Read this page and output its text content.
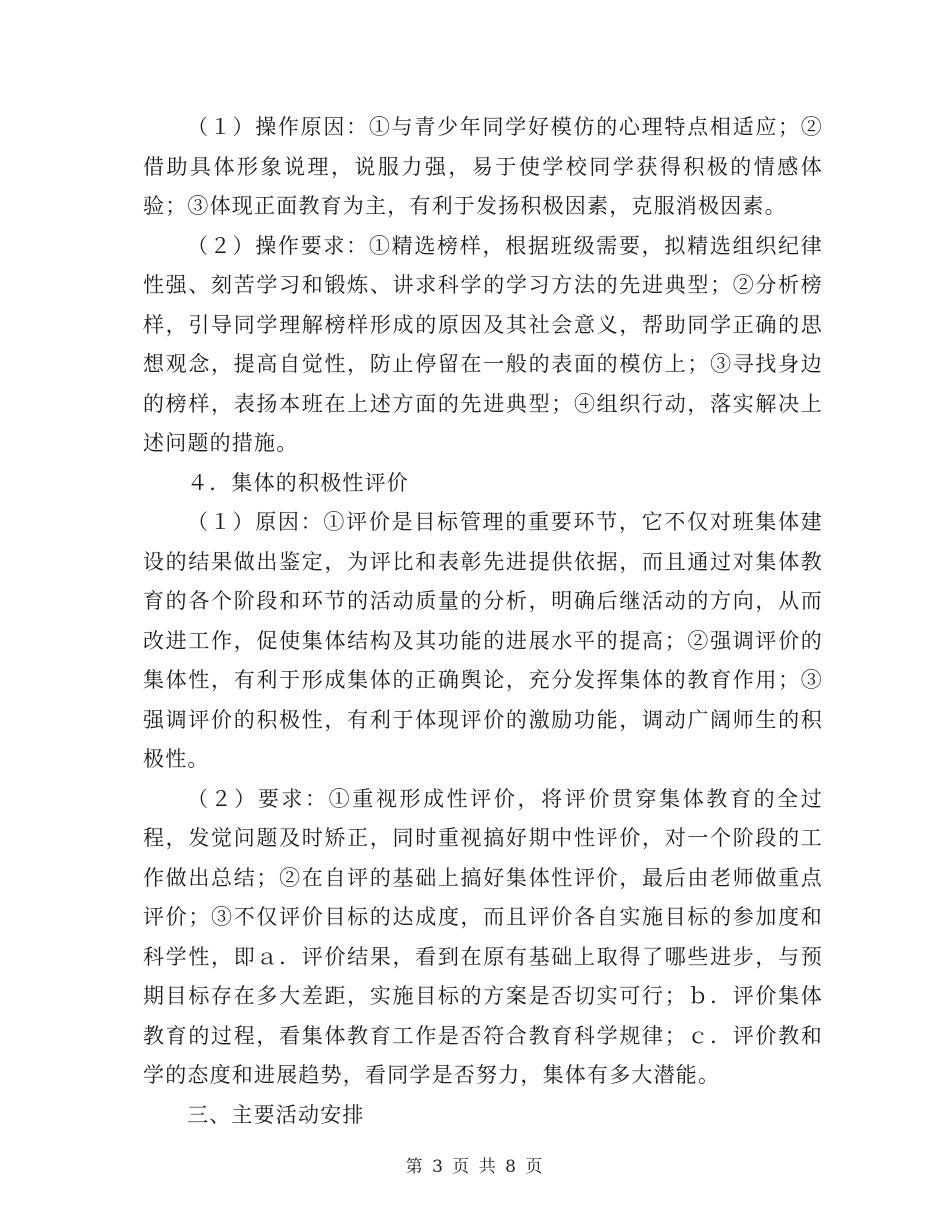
（１）操作原因：①与青少年同学好模仿的心理特点相适应；②借助具体形象说理，说服力强，易于使学校同学获得积极的情感体验；③体现正面教育为主，有利于发扬积极因素，克服消极因素。

（２）操作要求：①精选榜样，根据班级需要，拟精选组织纪律性强、刻苦学习和锻炼、讲求科学的学习方法的先进典型；②分析榜样，引导同学理解榜样形成的原因及其社会意义，帮助同学正确的思想观念，提高自觉性，防止停留在一般的表面的模仿上；③寻找身边的榜样，表扬本班在上述方面的先进典型；④组织行动，落实解决上述问题的措施。

４．集体的积极性评价

（１）原因：①评价是目标管理的重要环节，它不仅对班集体建设的结果做出鉴定，为评比和表彰先进提供依据，而且通过对集体教育的各个阶段和环节的活动质量的分析，明确后继活动的方向，从而改进工作，促使集体结构及其功能的进展水平的提高；②强调评价的集体性，有利于形成集体的正确舆论，充分发挥集体的教育作用；③强调评价的积极性，有利于体现评价的激励功能，调动广阔师生的积极性。

（２）要求：①重视形成性评价，将评价贯穿集体教育的全过程，发觉问题及时矫正，同时重视搞好期中性评价，对一个阶段的工作做出总结；②在自评的基础上搞好集体性评价，最后由老师做重点评价；③不仅评价目标的达成度，而且评价各自实施目标的参加度和科学性，即ａ．评价结果，看到在原有基础上取得了哪些进步，与预期目标存在多大差距，实施目标的方案是否切实可行；ｂ．评价集体教育的过程，看集体教育工作是否符合教育科学规律；ｃ．评价教和学的态度和进展趋势，看同学是否努力，集体有多大潜能。

三、主要活动安排

第 3 页 共 8 页
